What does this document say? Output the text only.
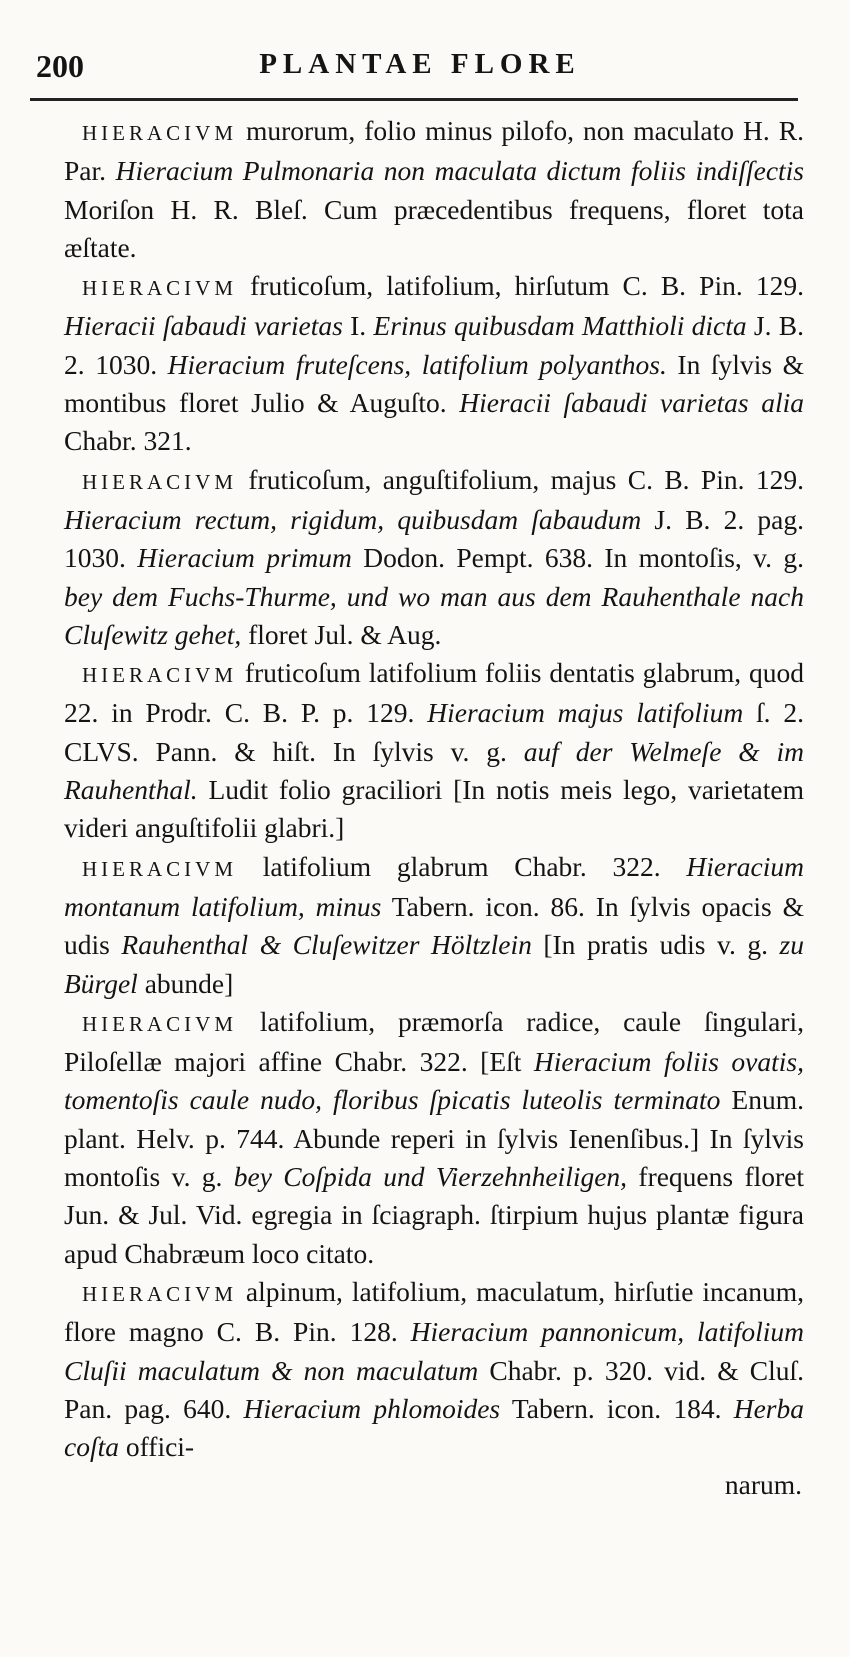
200	PLANTAE FLORE
HIERACIVM murorum, folio minus pilofo, non maculato H. R. Par. Hieracium Pulmonaria non maculata dictum foliis indiſſectis Moriſon H. R. Bleſ. Cum præcedentibus frequens, floret tota æſtate.
HIERACIVM fruticoſum, latifolium, hirſutum C. B. Pin. 129. Hieracii ſabaudi varietas I. Erinus quibusdam Matthioli dicta J. B. 2. 1030. Hieracium fruteſcens, latifolium polyanthos. In ſylvis & montibus floret Julio & Auguſto. Hieracii ſabaudi varietas alia Chabr. 321.
HIERACIVM fruticoſum, anguſtifolium, majus C. B. Pin. 129. Hieracium rectum, rigidum, quibusdam ſabaudum J. B. 2. pag. 1030. Hieracium primum Dodon. Pempt. 638. In montoſis, v. g. bey dem Fuchs-Thurme, und wo man aus dem Rauhenthale nach Cluſewitz gehet, floret Jul. & Aug.
HIERACIVM fruticoſum latifolium foliis dentatis glabrum, quod 22. in Prodr. C. B. P. p. 129. Hieracium majus latifolium ſ. 2. CLVS. Pann. & hiſt. In ſylvis v. g. auf der Welmeſe & im Rauhenthal. Ludit folio graciliori [In notis meis lego, varietatem videri anguſtifolii glabri.]
HIERACIVM latifolium glabrum Chabr. 322. Hieracium montanum latifolium, minus Tabern. icon. 86. In ſylvis opacis & udis Rauhenthal & Cluſewitzer Höltzlein [In pratis udis v. g. zu Bürgel abunde]
HIERACIVM latifolium, præmorſa radice, caule ſingulari, Piloſellæ majori affine Chabr. 322. [Eſt Hieracium foliis ovatis, tomentoſis caule nudo, floribus ſpicatis luteolis terminato Enum. plant. Helv. p. 744. Abunde reperi in ſylvis Ienenſibus.] In ſylvis montoſis v. g. bey Coſpida und Vierzehnheiligen, frequens floret Jun. & Jul. Vid. egregia in ſciagraph. ſtirpium hujus plantæ figura apud Chabræum loco citato.
HIERACIVM alpinum, latifolium, maculatum, hirſutie incanum, flore magno C. B. Pin. 128. Hieracium pannonicum, latifolium Cluſii maculatum & non maculatum Chabr. p. 320. vid. & Cluſ. Pan. pag. 640. Hieracium phlomoides Tabern. icon. 184. Herba coſta offici-
narum.
